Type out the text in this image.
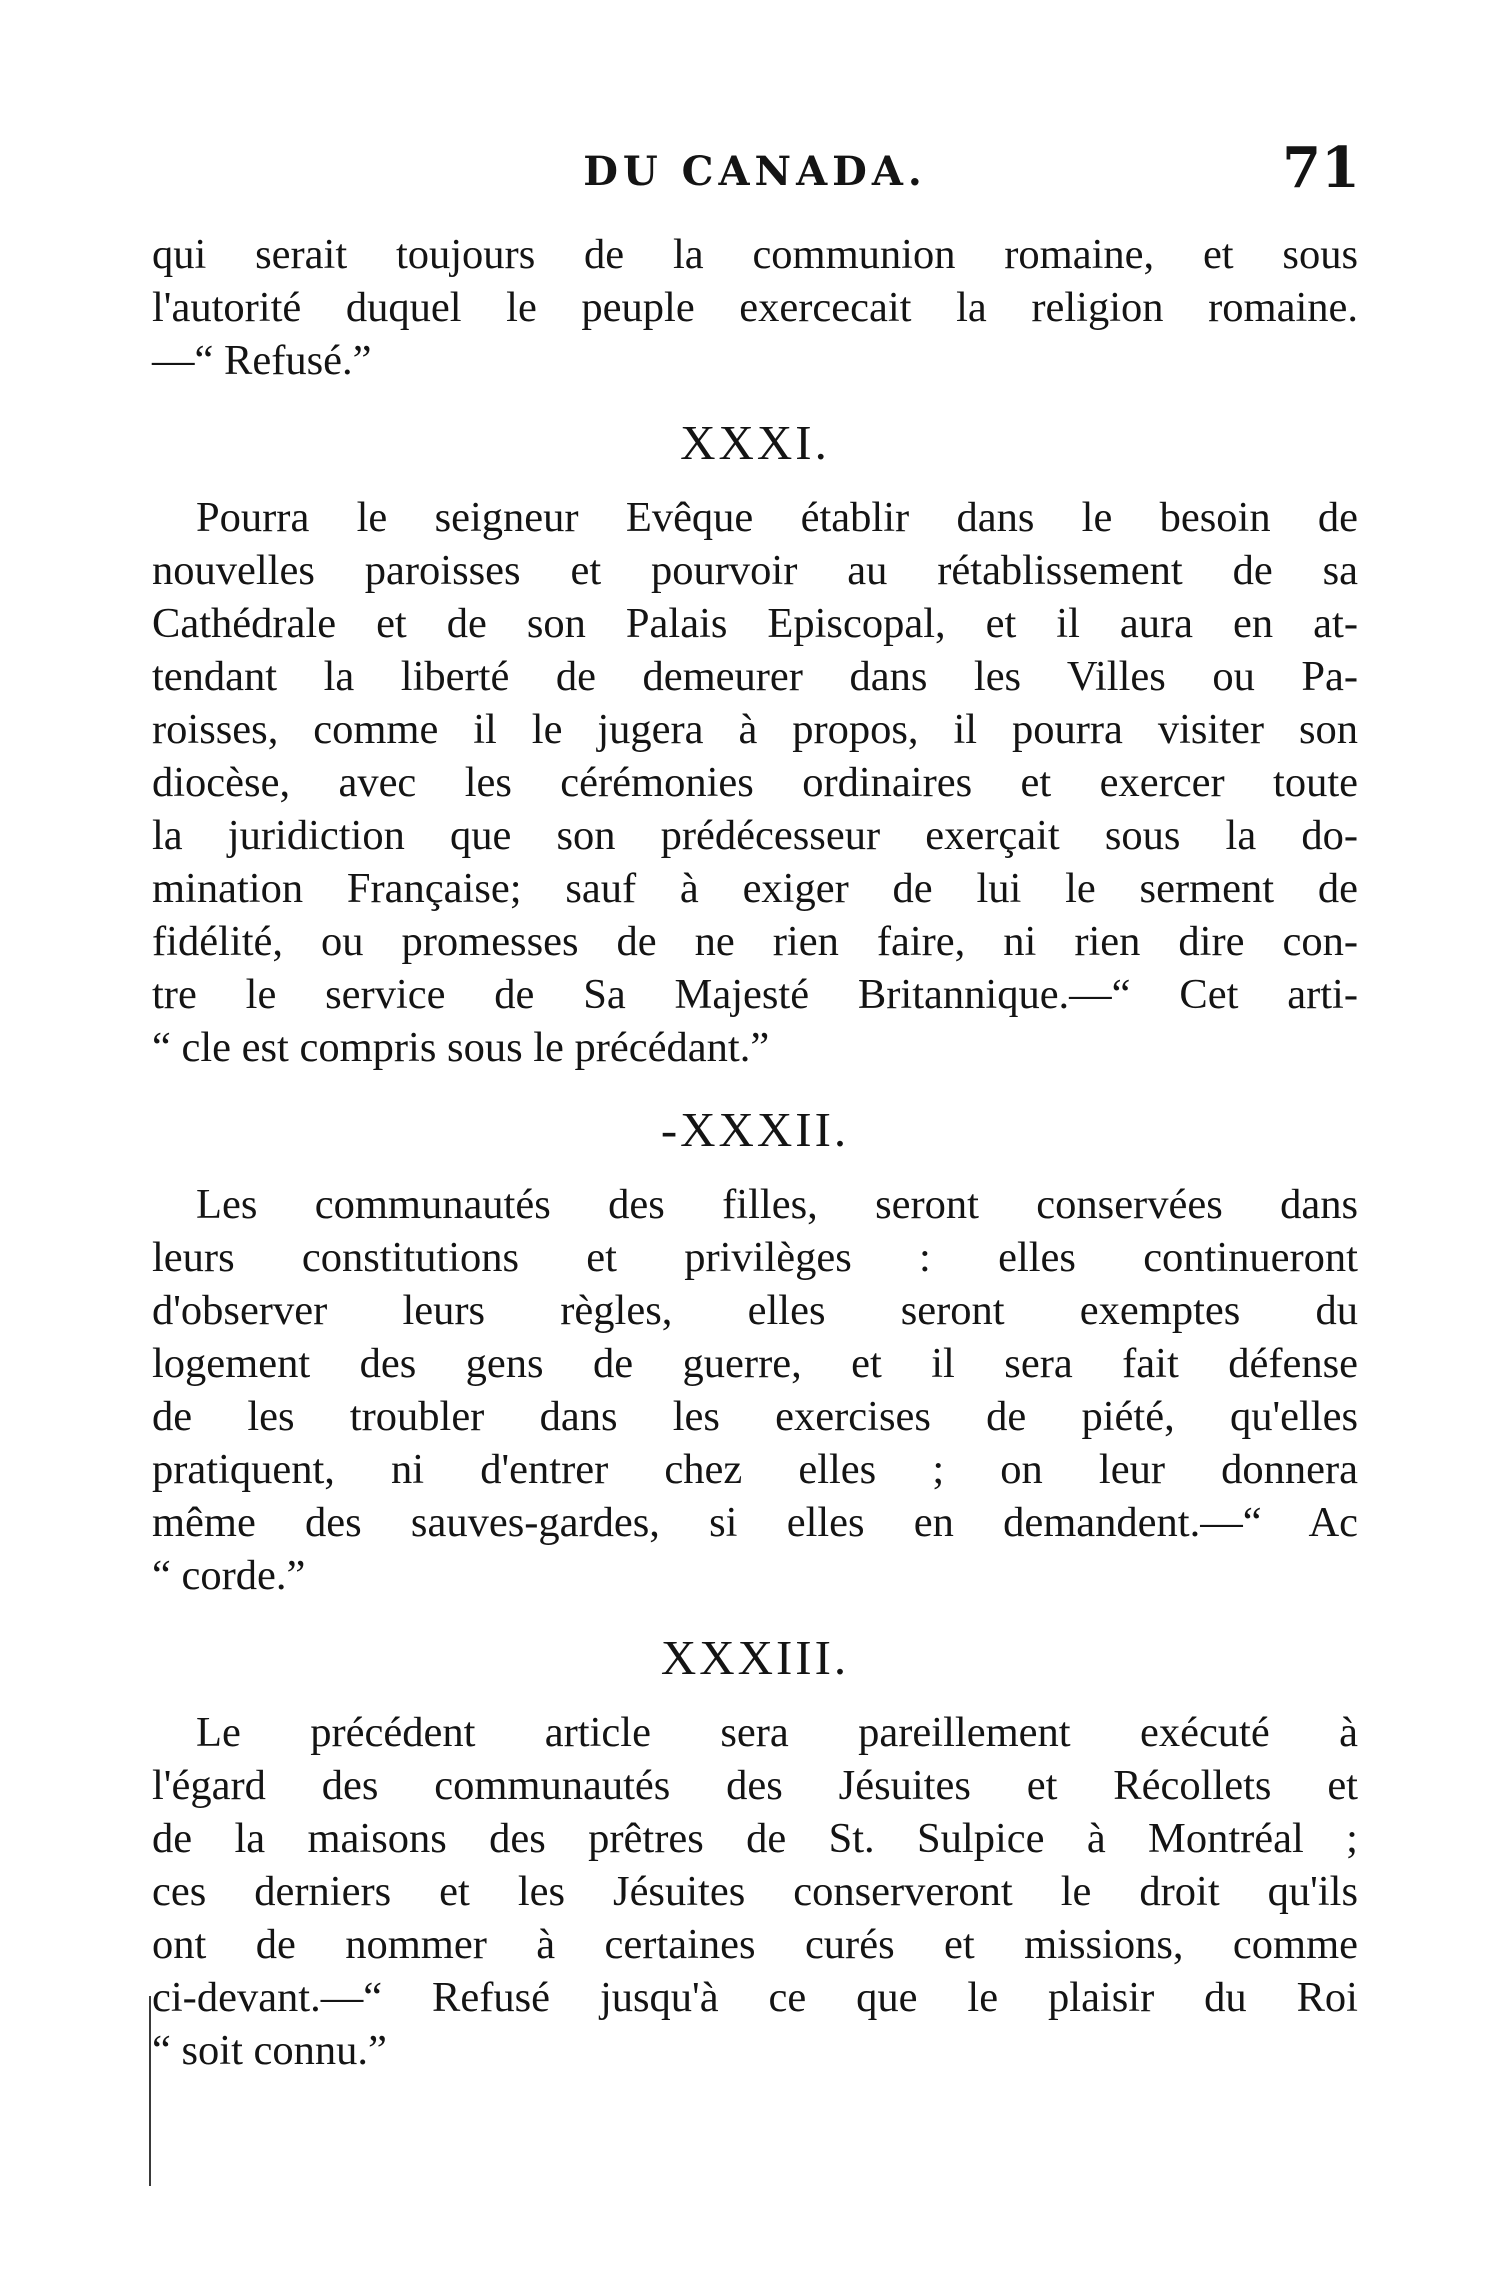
DU CANADA.	71

qui serait toujours de la communion romaine, et sous
l'autorité duquel le peuple exercecait la religion romaine.
—“ Refusé.”

XXXI.

Pourra le seigneur Evêque établir dans le besoin de
nouvelles paroisses et pourvoir au rétablissement de sa
Cathédrale et de son Palais Episcopal, et il aura en at-
tendant la liberté de demeurer dans les Villes ou Pa-
roisses, comme il le jugera à propos, il pourra visiter son
diocèse, avec les cérémonies ordinaires et exercer toute
la juridiction que son prédécesseur exerçait sous la do-
mination Française; sauf à exiger de lui le serment de
fidélité, ou promesses de ne rien faire, ni rien dire con-
tre le service de Sa Majesté Britannique.—“ Cet arti-
“ cle est compris sous le précédant.”

-XXXII.

Les communautés des filles, seront conservées dans
leurs constitutions et privilèges : elles continueront
d'observer leurs règles, elles seront exemptes du
logement des gens de guerre, et il sera fait défense
de les troubler dans les exercises de piété, qu'elles
pratiquent, ni d'entrer chez elles ; on leur donnera
même des sauves-gardes, si elles en demandent.—“ Ac
“ corde.”

XXXIII.

Le précédent article sera pareillement exécuté à
l'égard des communautés des Jésuites et Récollets et
de la maisons des prêtres de St. Sulpice à Montréal ;
ces derniers et les Jésuites conserveront le droit qu'ils
ont de nommer à certaines curés et missions, comme
ci-devant.—“ Refusé jusqu'à ce que le plaisir du Roi
“ soit connu.”
